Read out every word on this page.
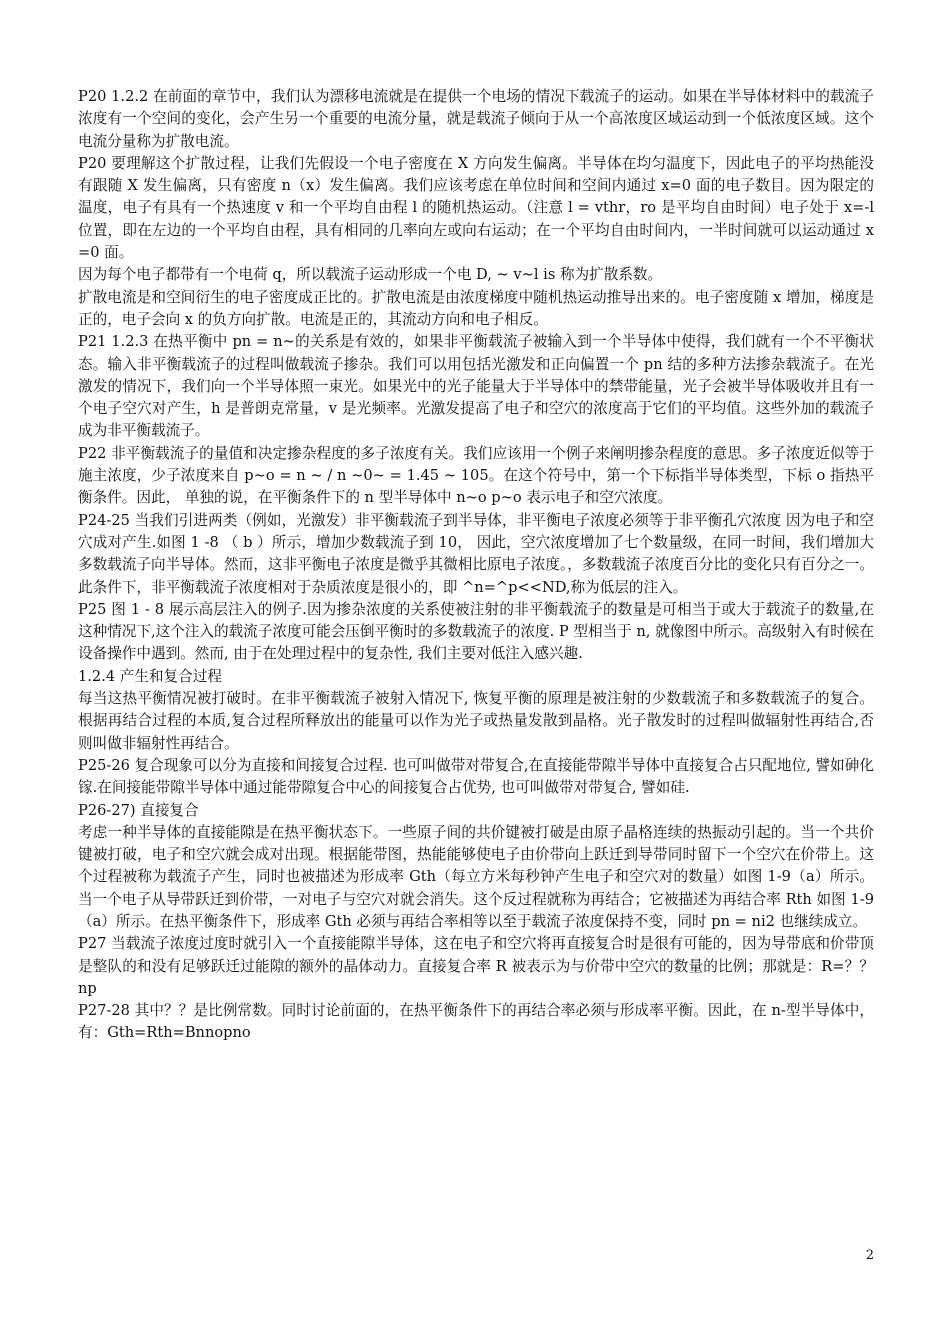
P20 1.2.2 在前面的章节中，我们认为漂移电流就是在提供一个电场的情况下载流子的运动。如果在半导体材料中的载流子浓度有一个空间的变化，会产生另一个重要的电流分量，就是载流子倾向于从一个高浓度区域运动到一个低浓度区域。这个电流分量称为扩散电流。

P20 要理解这个扩散过程，让我们先假设一个电子密度在 X 方向发生偏离。半导体在均匀温度下，因此电子的平均热能没有跟随 X 发生偏离，只有密度 n（x）发生偏离。我们应该考虑在单位时间和空间内通过 x=0 面的电子数目。因为限定的温度，电子有具有一个热速度 v 和一个平均自由程 l 的随机热运动。（注意 l = vthr，ro 是平均自由时间）电子处于 x=-l 位置，即在左边的一个平均自由程，具有相同的几率向左或向右运动；在一个平均自由时间内，一半时间就可以运动通过 x=0 面。

因为每个电子都带有一个电荷 q，所以载流子运动形成一个电 D, ~ v~l is 称为扩散系数。

扩散电流是和空间衍生的电子密度成正比的。扩散电流是由浓度梯度中随机热运动推导出来的。电子密度随 x 增加，梯度是正的，电子会向 x 的负方向扩散。电流是正的，其流动方向和电子相反。

P21 1.2.3 在热平衡中 pn = n~的关系是有效的，如果非平衡载流子被输入到一个半导体中使得，我们就有一个不平衡状态。输入非平衡载流子的过程叫做载流子掺杂。我们可以用包括光激发和正向偏置一个 pn 结的多种方法掺杂载流子。在光激发的情况下，我们向一个半导体照一束光。如果光中的光子能量大于半导体中的禁带能量，光子会被半导体吸收并且有一个电子空穴对产生，h 是普朗克常量，v 是光频率。光激发提高了电子和空穴的浓度高于它们的平均值。这些外加的载流子成为非平衡载流子。

P22 非平衡载流子的量值和决定掺杂程度的多子浓度有关。我们应该用一个例子来阐明掺杂程度的意思。多子浓度近似等于施主浓度，少子浓度来自 p~o = n ~ / n ~0~ = 1.45 ~ 105。在这个符号中，第一个下标指半导体类型，下标 o 指热平衡条件。因此， 单独的说，在平衡条件下的 n 型半导体中 n~o p~o 表示电子和空穴浓度。

P24-25 当我们引进两类（例如，光激发）非平衡载流子到半导体，非平衡电子浓度必须等于非平衡孔穴浓度 因为电子和空穴成对产生.如图 1 -8 （ b ）所示，增加少数载流子到 10， 因此，空穴浓度增加了七个数量级，在同一时间，我们增加大多数载流子向半导体。然而，这非平衡电子浓度是微乎其微相比原电子浓度。，多数载流子浓度百分比的变化只有百分之一。此条件下，非平衡载流子浓度相对于杂质浓度是很小的，即 ^n=^p<<ND,称为低层的注入。

P25 图 1 - 8 展示高层注入的例子.因为掺杂浓度的关系使被注射的非平衡载流子的数量是可相当于或大于载流子的数量,在这种情况下,这个注入的载流子浓度可能会压倒平衡时的多数载流子的浓度. P 型相当于 n, 就像图中所示。高级射入有时候在设备操作中遇到。然而, 由于在处理过程中的复杂性, 我们主要对低注入感兴趣.

1.2.4 产生和复合过程

每当这热平衡情况被打破时。在非平衡载流子被射入情况下, 恢复平衡的原理是被注射的少数载流子和多数载流子的复合。根据再结合过程的本质,复合过程所释放出的能量可以作为光子或热量发散到晶格。光子散发时的过程叫做辐射性再结合,否则叫做非辐射性再结合。

P25-26 复合现象可以分为直接和间接复合过程. 也可叫做带对带复合,在直接能带隙半导体中直接复合占只配地位, 譬如砷化镓.在间接能带隙半导体中通过能带隙复合中心的间接复合占优势, 也可叫做带对带复合, 譬如硅.

P26-27) 直接复合

考虑一种半导体的直接能隙是在热平衡状态下。一些原子间的共价键被打破是由原子晶格连续的热振动引起的。当一个共价键被打破，电子和空穴就会成对出现。根据能带图，热能能够使电子由价带向上跃迁到导带同时留下一个空穴在价带上。这个过程被称为载流子产生，同时也被描述为形成率 Gth（每立方米每秒钟产生电子和空穴对的数量）如图 1-9（a）所示。当一个电子从导带跃迁到价带，一对电子与空穴对就会消失。这个反过程就称为再结合；它被描述为再结合率 Rth 如图 1-9（a）所示。在热平衡条件下，形成率 Gth 必须与再结合率相等以至于载流子浓度保持不变，同时 pn = ni2 也继续成立。

P27 当载流子浓度过度时就引入一个直接能隙半导体，这在电子和空穴将再直接复合时是很有可能的，因为导带底和价带顶是整队的和没有足够跃迁过能隙的额外的晶体动力。直接复合率 R 被表示为与价带中空穴的数量的比例；那就是：R=？？np

P27-28 其中？？是比例常数。同时讨论前面的，在热平衡条件下的再结合率必须与形成率平衡。因此，在 n-型半导体中，有：Gth=Rth=Bnnopno

2
